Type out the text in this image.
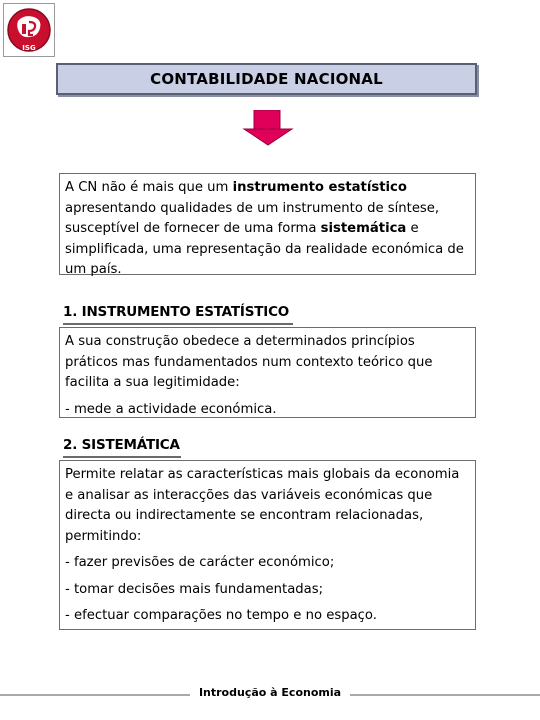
ISG
CONTABILIDADE NACIONAL

A CN não é mais que um instrumento estatístico apresentando qualidades de um instrumento de síntese, susceptível de fornecer de uma forma sistemática e simplificada, uma representação da realidade económica de um país.

1. INSTRUMENTO ESTATÍSTICO

A sua construção obedece a determinados princípios práticos mas fundamentados num contexto teórico que facilita a sua legitimidade:

- mede a actividade económica.

2. SISTEMÁTICA

Permite relatar as características mais globais da economia e analisar as interacções das variáveis económicas que directa ou indirectamente se encontram relacionadas, permitindo:

- fazer previsões de carácter económico;

- tomar decisões mais fundamentadas;

- efectuar comparações no tempo e no espaço.

Introdução à Economia
